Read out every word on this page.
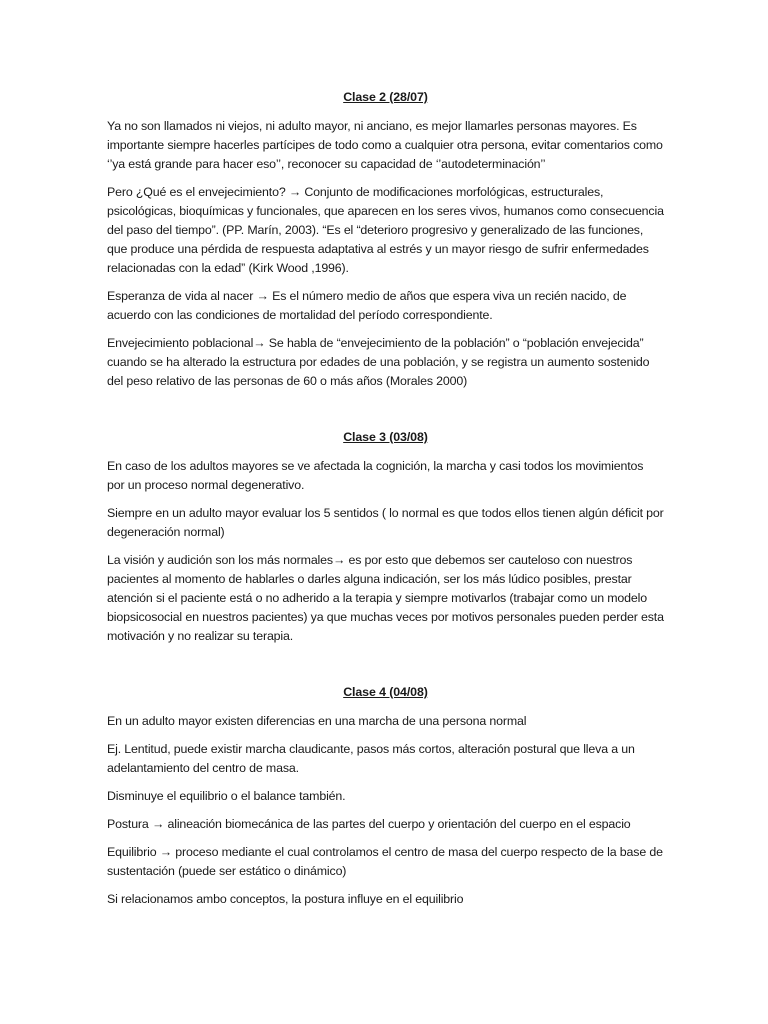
Clase 2 (28/07)

Ya no son llamados ni viejos, ni adulto mayor, ni anciano, es mejor llamarles personas mayores. Es importante siempre hacerles partícipes de todo como a cualquier otra persona, evitar comentarios como ‘’ya está grande para hacer eso’’, reconocer su capacidad de ‘’autodeterminación’’

Pero ¿Qué es el envejecimiento? → Conjunto de modificaciones morfológicas, estructurales, psicológicas, bioquímicas y funcionales, que aparecen en los seres vivos, humanos como consecuencia del paso del tiempo”. (PP. Marín, 2003). “Es el “deterioro progresivo y generalizado de las funciones, que produce una pérdida de respuesta adaptativa al estrés y un mayor riesgo de sufrir enfermedades relacionadas con la edad” (Kirk Wood ,1996).

Esperanza de vida al nacer → Es el número medio de años que espera viva un recién nacido, de acuerdo con las condiciones de mortalidad del período correspondiente.

Envejecimiento poblacional→ Se habla de “envejecimiento de la población” o “población envejecida” cuando se ha alterado la estructura por edades de una población, y se registra un aumento sostenido del peso relativo de las personas de 60 o más años (Morales 2000)

Clase 3 (03/08)

En caso de los adultos mayores se ve afectada la cognición, la marcha y casi todos los movimientos por un proceso normal degenerativo.

Siempre en un adulto mayor evaluar los 5 sentidos ( lo normal es que todos ellos tienen algún déficit por degeneración normal)

La visión y audición son los más normales→ es por esto que debemos ser cauteloso con nuestros pacientes al momento de hablarles o darles alguna indicación, ser los más lúdico posibles, prestar atención si el paciente está o no adherido a la terapia y siempre motivarlos (trabajar como un modelo biopsicosocial en nuestros pacientes) ya que muchas veces por motivos personales pueden perder esta motivación y no realizar su terapia.

Clase 4 (04/08)

En un adulto mayor existen diferencias en una marcha de una persona normal

Ej. Lentitud, puede existir marcha claudicante, pasos más cortos, alteración postural que lleva a un adelantamiento del centro de masa.

Disminuye el equilibrio o el balance también.

Postura → alineación biomecánica de las partes del cuerpo y orientación del cuerpo en el espacio

Equilibrio → proceso mediante el cual controlamos el centro de masa del cuerpo respecto de la base de sustentación (puede ser estático o dinámico)

Si relacionamos ambo conceptos, la postura influye en el equilibrio
